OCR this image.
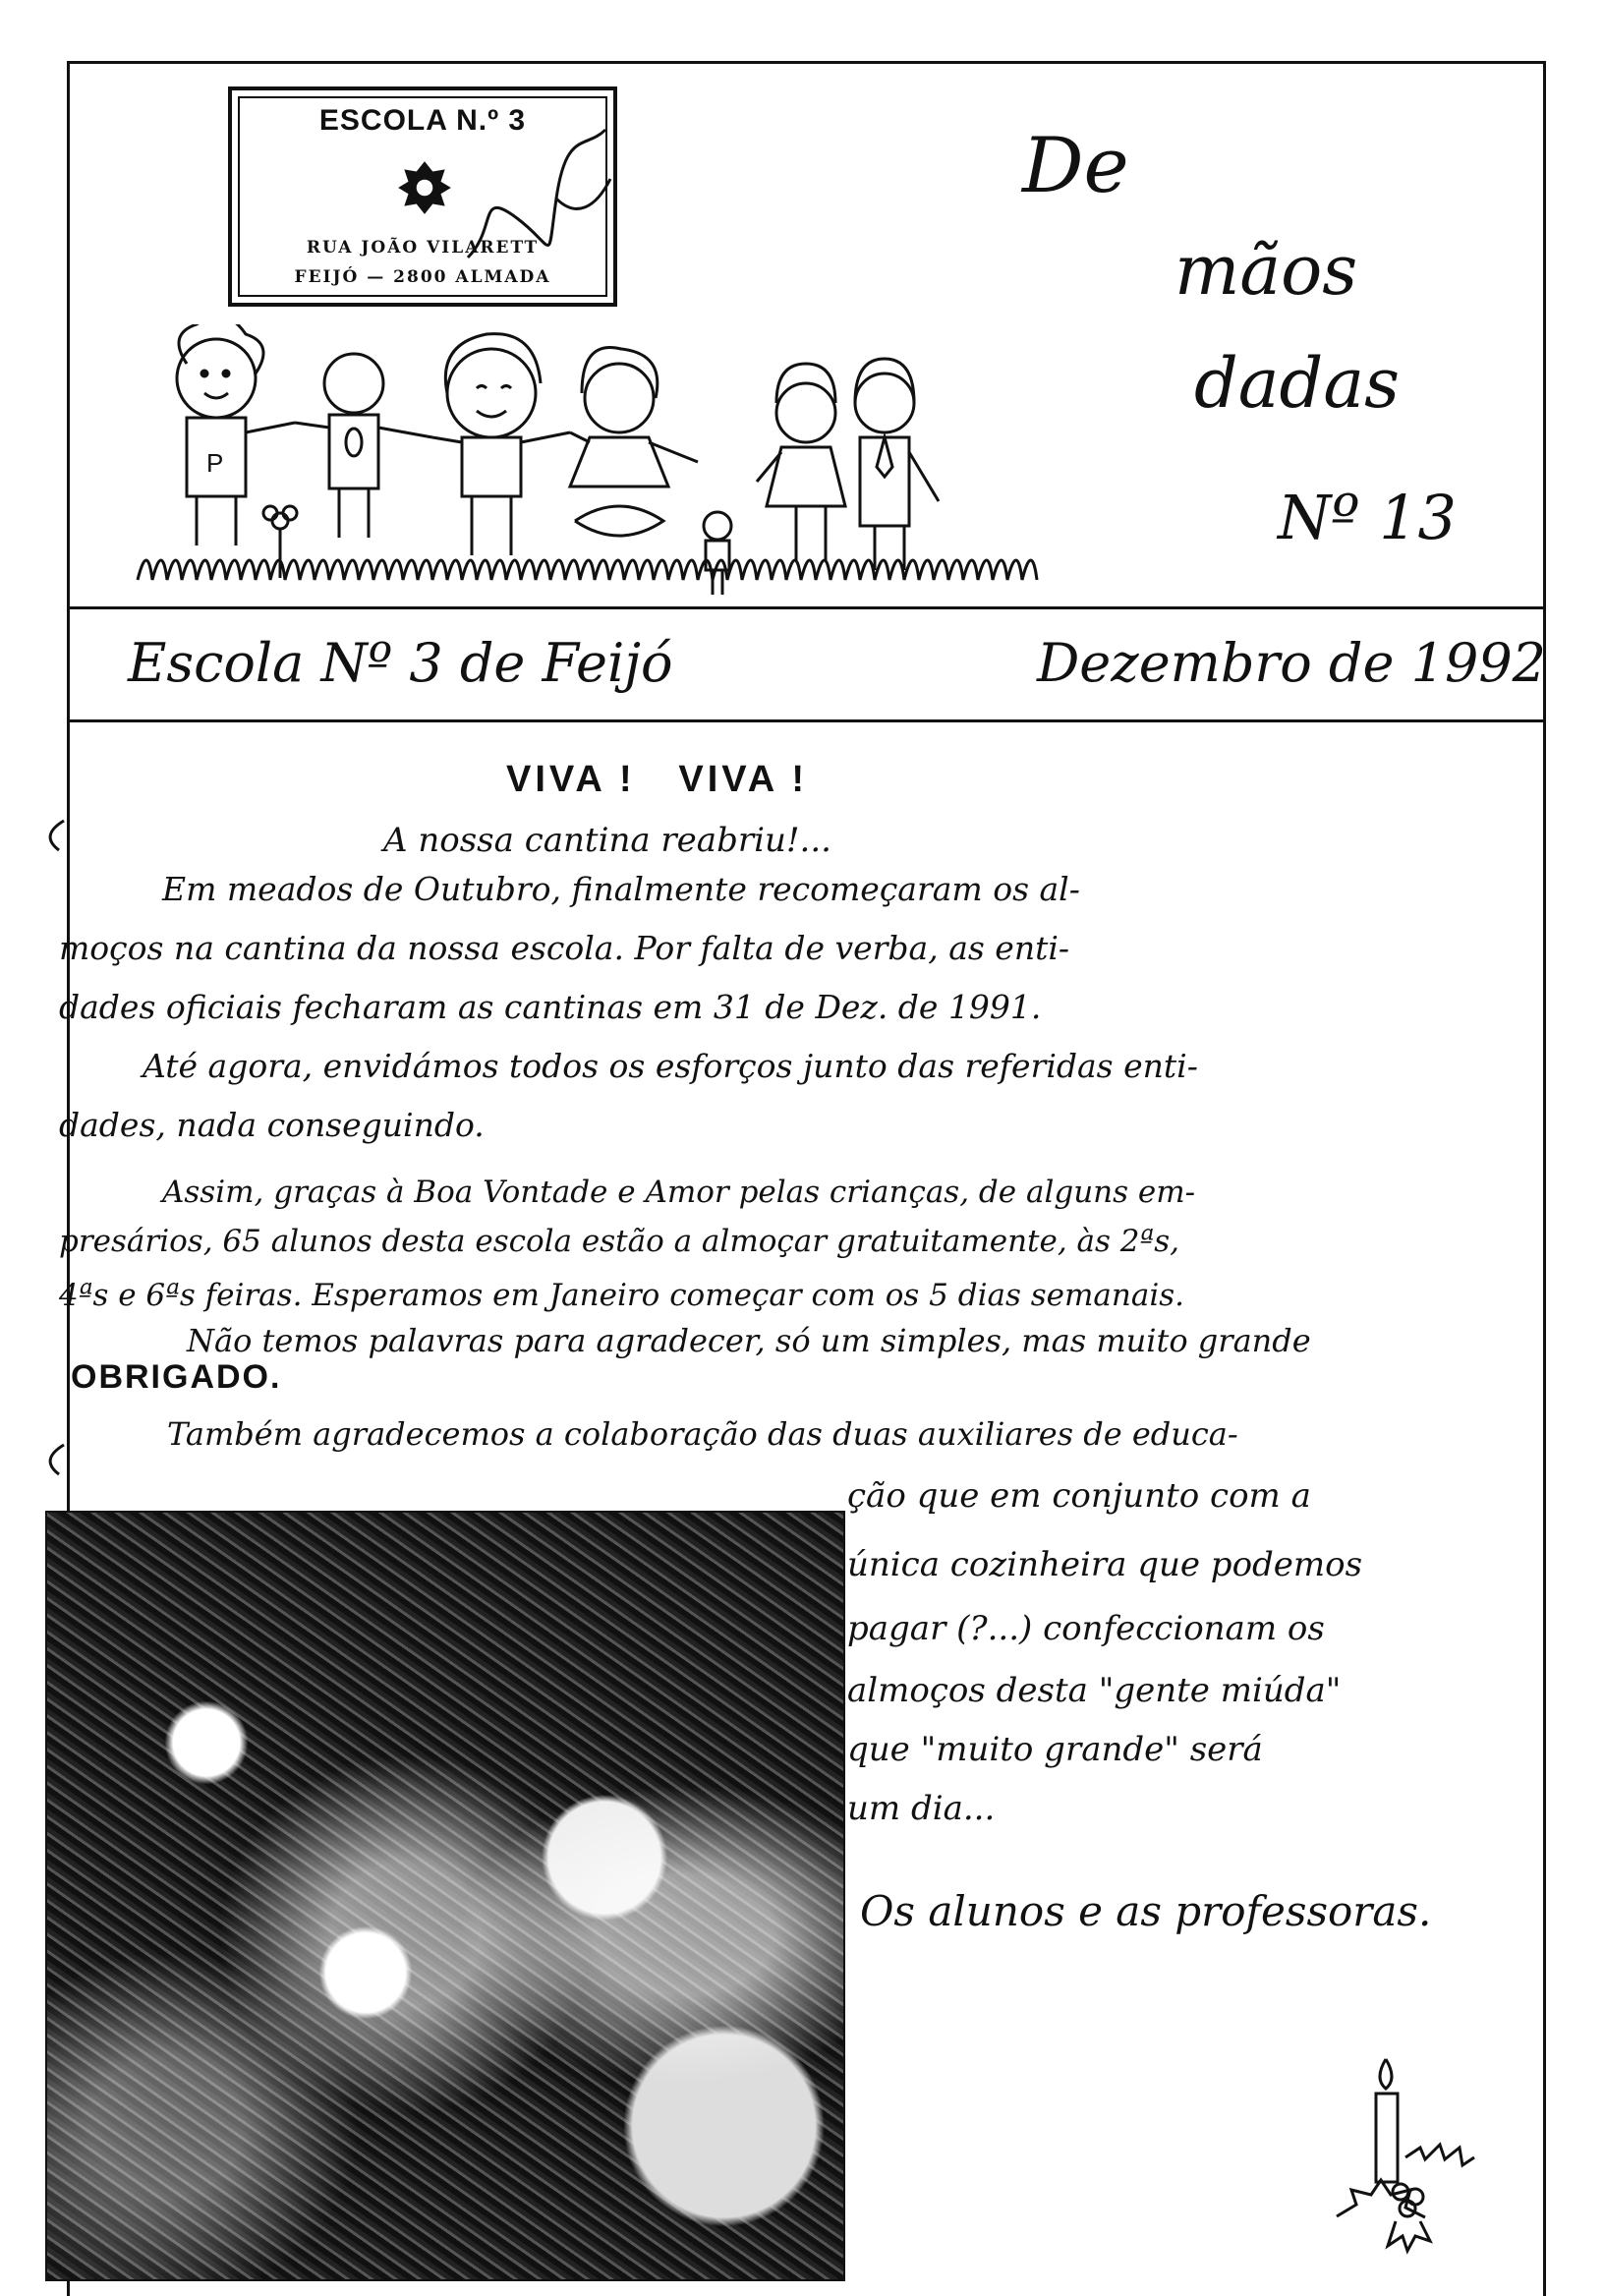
ESCOLA N.º 3
RUA JOÃO VILARETT
FEIJÓ — 2800 ALMADA
P
De
mãos
dadas
Nº 13
Escola Nº 3 de Feijó	Dezembro de 1992
VIVA !   VIVA !
A nossa cantina reabriu!...
Em meados de Outubro, finalmente recomeçaram os al-
moços na cantina da nossa escola. Por falta de verba, as enti-
dades oficiais fecharam as cantinas em 31 de Dez. de 1991.
Até agora, envidámos todos os esforços junto das referidas enti-
dades, nada conseguindo.
Assim, graças à Boa Vontade e Amor pelas crianças, de alguns em-
presários, 65 alunos desta escola estão a almoçar gratuitamente, às 2ªs,
4ªs e 6ªs feiras. Esperamos em Janeiro começar com os 5 dias semanais.
Não temos palavras para agradecer, só um simples, mas muito grande
OBRIGADO.
Também agradecemos a colaboração das duas auxiliares de educa-
ção que em conjunto com a
única cozinheira que podemos
pagar (?...) confeccionam os
almoços desta "gente miúda"
que "muito grande" será
um dia...
Os alunos e as professoras.
